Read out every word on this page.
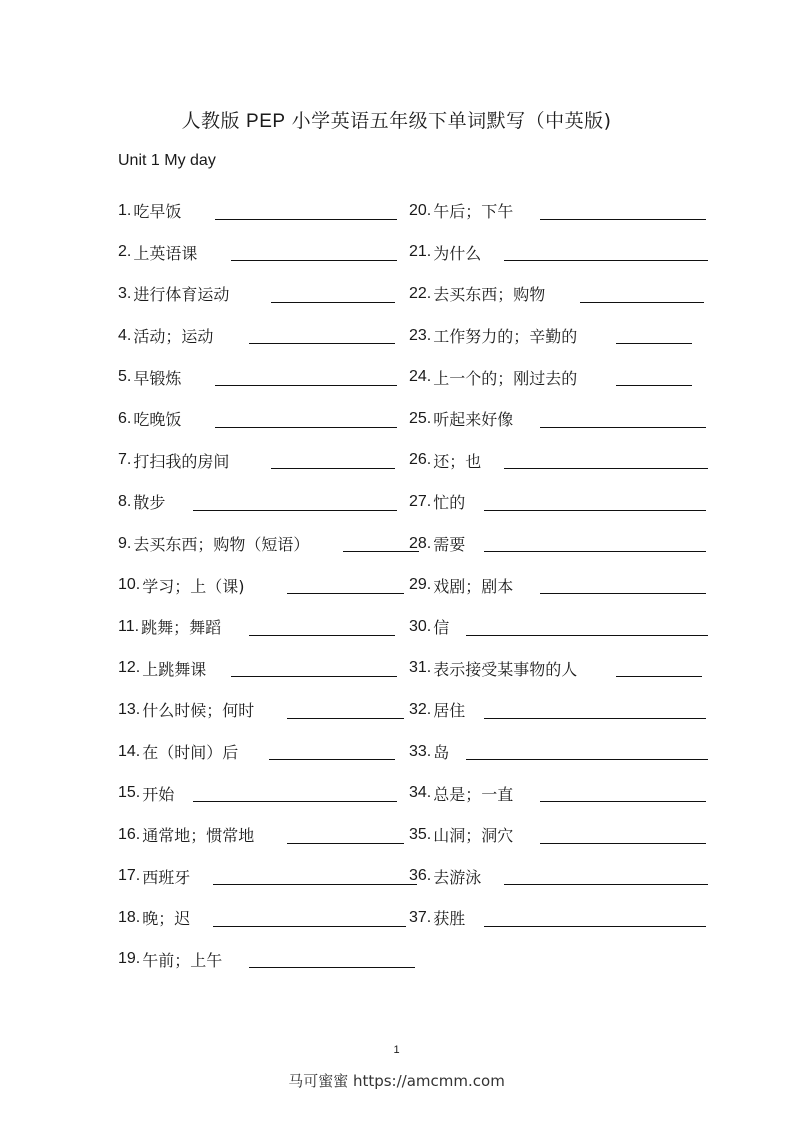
人教版 PEP 小学英语五年级下单词默写（中英版)
Unit 1 My day
1. 吃早饭
2. 上英语课
3. 进行体育运动
4. 活动；运动
5. 早锻炼
6. 吃晚饭
7. 打扫我的房间
8. 散步
9. 去买东西；购物（短语）
10. 学习；上（课)
11. 跳舞；舞蹈
12. 上跳舞课
13. 什么时候；何时
14. 在（时间）后
15. 开始
16. 通常地；惯常地
17. 西班牙
18. 晚；迟
19. 午前；上午
20. 午后；下午
21. 为什么
22. 去买东西；购物
23. 工作努力的；辛勤的
24. 上一个的；刚过去的
25. 听起来好像
26. 还；也
27. 忙的
28. 需要
29. 戏剧；剧本
30. 信
31. 表示接受某事物的人
32. 居住
33. 岛
34. 总是；一直
35. 山洞；洞穴
36. 去游泳
37. 获胜
1
马可蜜蜜 https://amcmm.com
